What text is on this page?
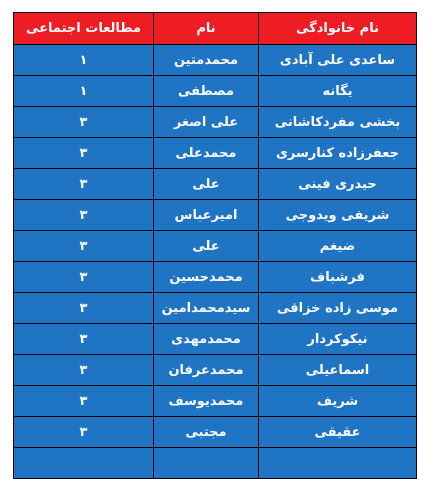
نام خانوادگی	نام	مطالعات اجتماعی
ساعدی علی آبادی	محمدمتین	۱
یگانه	مصطفی	۱
بخشی مفردکاشانی	علی اصغر	۳
جعفرزاده کنارسری	محمدعلی	۳
حیدری فینی	علی	۳
شریفی ویدوجی	امیرعباس	۳
ضیغم	علی	۳
فرشباف	محمدحسین	۳
موسی زاده خزاقی	سیدمحمدامین	۳
نیکوکردار	محمدمهدی	۳
اسماعیلی	محمدعرفان	۳
شریف	محمدیوسف	۳
عقیقی	مجتبی	۳
